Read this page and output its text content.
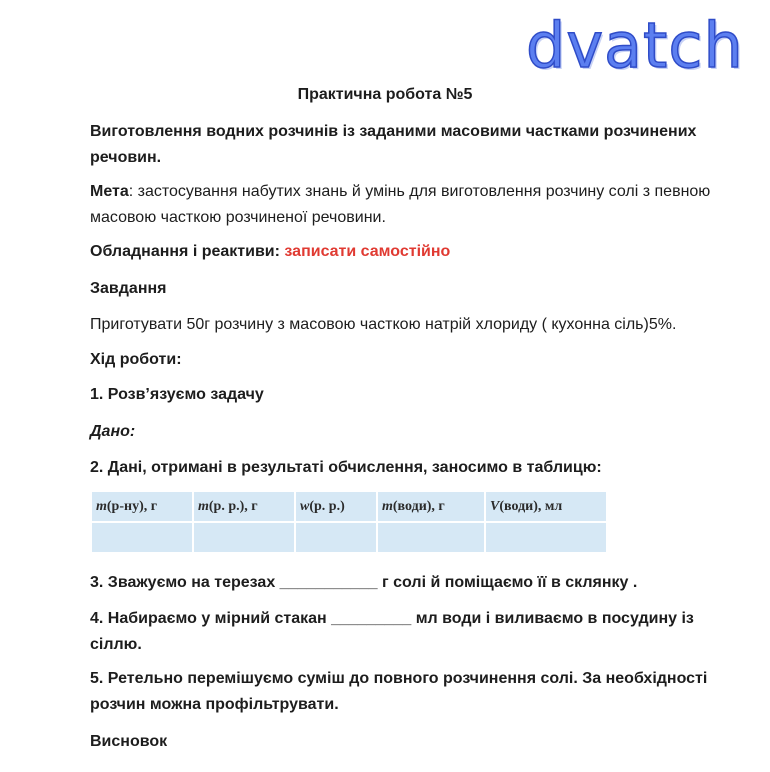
dvatch
Практична робота №5
Виготовлення водних розчинів із заданими масовими частками розчинених речовин.
Мета: застосування набутих знань й умінь для виготовлення розчину солі з певною масовою часткою розчиненої речовини.
Обладнання і реактиви: записати самостійно
Завдання
Приготувати 50г розчину з масовою часткою натрій хлориду ( кухонна сіль)5%.
Хід роботи:
1. Розв’язуємо задачу
Дано:
2. Дані, отримані в результаті обчислення, заносимо в таблицю:
m(р-ну), г	m(р. р.), г	w(р. р.)	m(води), г	V(води), мл

3. Зважуємо на терезах ___________ г солі й поміщаємо її в склянку .
4. Набираємо у мірний стакан _________ мл води і виливаємо в посудину із сіллю.
5. Ретельно перемішуємо суміш до повного розчинення солі. За необхідності розчин можна профільтрувати.
Висновок
